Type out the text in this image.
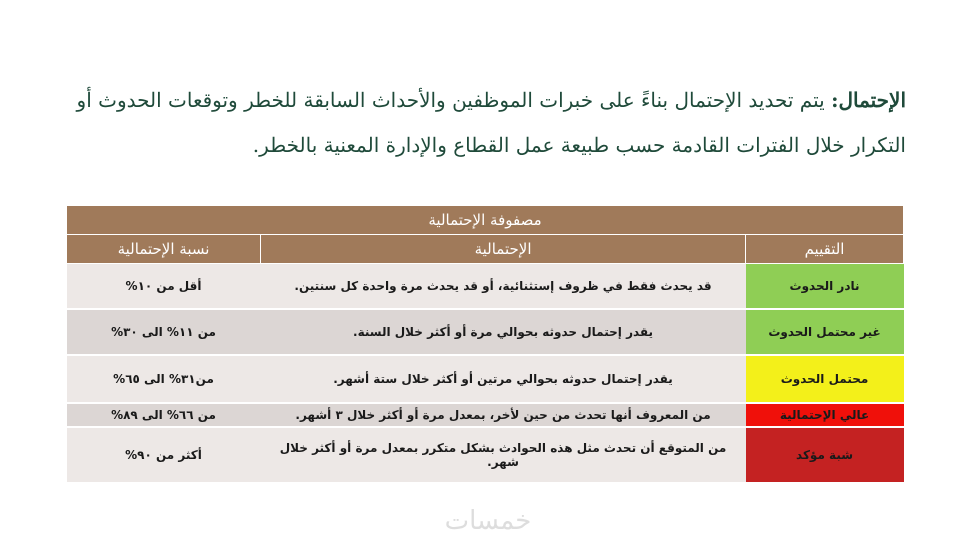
الإحتمال: يتم تحديد الإحتمال بناءً على خبرات الموظفين والأحداث السابقة للخطر وتوقعات الحدوث أو التكرار خلال الفترات القادمة حسب طبيعة عمل القطاع والإدارة المعنية بالخطر.
مصفوفة الإحتمالية		
التقييم	الإحتمالية	نسبة الإحتمالية
نادر الحدوث	قد يحدث فقط في ظروف إستثنائية، أو قد يحدث مرة واحدة كل سنتين.	أقل من ١٠%
غير محتمل الحدوث	يقدر إحتمال حدوثه بحوالي مرة أو أكثر خلال السنة.	من ١١% الى ٣٠%
محتمل الحدوث	يقدر إحتمال حدوثه بحوالي مرتين أو أكثر خلال ستة أشهر.	من٣١% الى ٦٥%
عالي الإحتمالية	من المعروف أنها تحدث من حين لأخر، بمعدل مرة أو أكثر خلال ٣ أشهر.	من ٦٦% الى ٨٩%
شبة مؤكد	من المتوقع أن تحدث مثل هذه الحوادث بشكل متكرر بمعدل مرة أو أكثر خلال شهر.	أكثر من ٩٠%
خمسات
